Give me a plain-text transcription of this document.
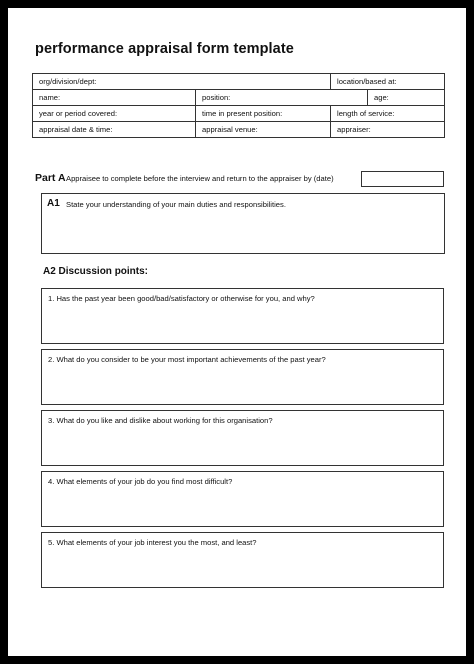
performance appraisal form template
org/division/dept:		location/based at:	
name:	position:		age:
year or period covered:	time in present position:	length of service:	
appraisal date & time:	appraisal venue:	appraiser:	
Part A Appraisee to complete before the interview and return to the appraiser by (date)
A1 State your understanding of your main duties and responsibilities.
A2 Discussion points:
1. Has the past year been good/bad/satisfactory or otherwise for you, and why?
2. What do you consider to be your most important achievements of the past year?
3. What do you like and dislike about working for this organisation?
4. What elements of your job do you find most difficult?
5. What elements of your job interest you the most, and least?
